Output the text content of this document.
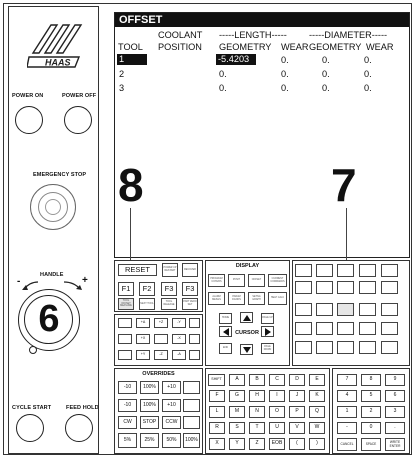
HAAS
POWER ON	POWER OFF
EMERGENCY STOP
HANDLE
-	+
6
CYCLE START	FEED HOLD
OFFSET
COOLANT -----LENGTH----- -----DIAMETER-----
TOOL POSITION GEOMETRY WEAR GEOMETRY WEAR
1	-5.4203	0.	0.	0.
2	0.	0.	0.	0.
3	0.	0.	0.	0.
8	7
RESET	POWER UP RESTART	RECOVER
F1	F2	F3	F3
TOOL OFFSET MEASURE
NEXT TOOL	TOOL RELEASE
PART ZERO SET
+A	+Z	-Y
+X	-X
+Y	-Z	-A
OVERRIDES
-10	100%	+10
-10	100%	+10
CW	STOP	CCW
5%	25%	50%	100%
DISPLAY
PROGRAM CONVRS	POSIT	OFFSET	CURRENT COMMANDS
ALARM MESGS
PARAM DGNOS
SETNG GRAPH	HELP CALC
HOME	PAGE UP
CURSOR
END	PAGE DOWN
SHIFT	A	B	C	D	E
F	G	H	I	J	K
L	M	N	O	P	Q
R	S	T	U	V	W
X	Y	Z	EOB	(	)
7	8	9
4	5	6
1	2	3
-	0	.
CANCEL	SPACE	WRITE ENTER
